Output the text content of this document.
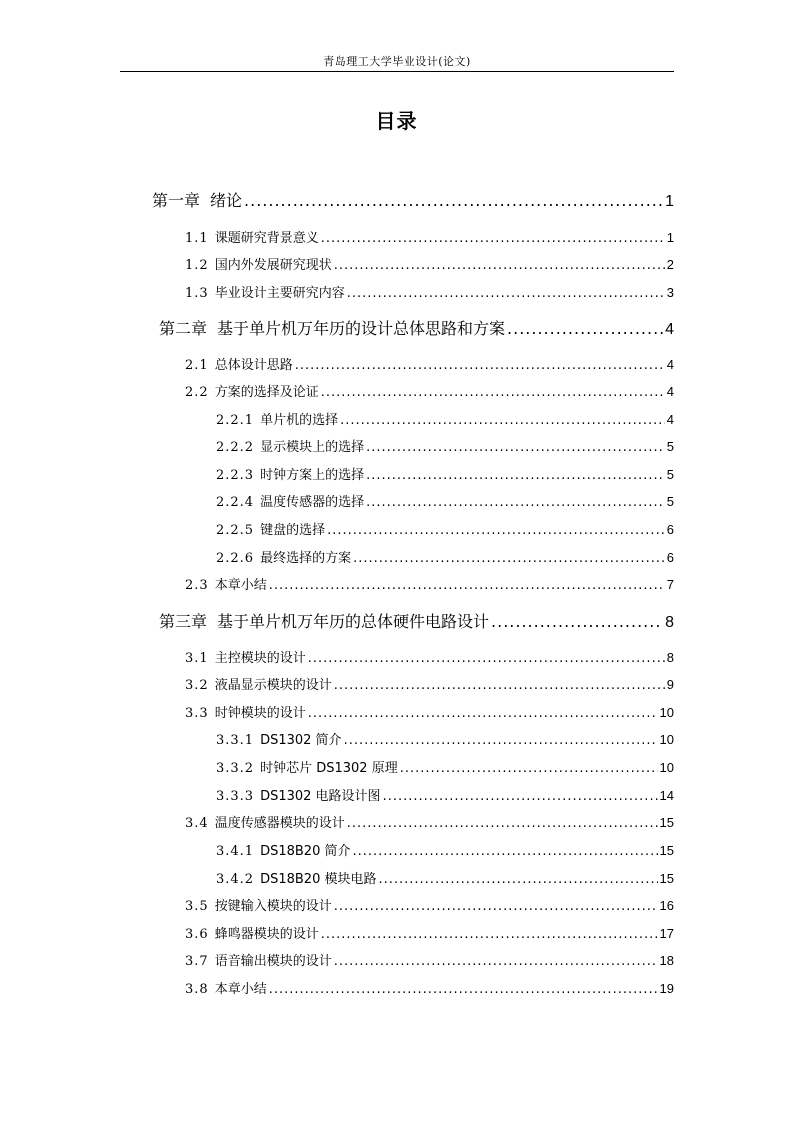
青岛理工大学毕业设计(论文)
目录
第一章 绪论 .....	1
1.1 课题研究背景意义 .....	1
1.2 国内外发展研究现状 .....	2
1.3 毕业设计主要研究内容 .....	3
第二章 基于单片机万年历的设计总体思路和方案 .....	4
2.1 总体设计思路 .....	4
2.2 方案的选择及论证 .....	4
2.2.1 单片机的选择 .....	4
2.2.2 显示模块上的选择 .....	5
2.2.3 时钟方案上的选择 .....	5
2.2.4 温度传感器的选择 .....	5
2.2.5 键盘的选择 .....	6
2.2.6 最终选择的方案 .....	6
2.3 本章小结 .....	7
第三章 基于单片机万年历的总体硬件电路设计 .....	8
3.1 主控模块的设计 .....	8
3.2 液晶显示模块的设计 .....	9
3.3 时钟模块的设计 .....	10
3.3.1 DS1302 简介 .....	10
3.3.2 时钟芯片 DS1302 原理 .....	10
3.3.3 DS1302 电路设计图 .....	14
3.4 温度传感器模块的设计 .....	15
3.4.1 DS18B20 简介 .....	15
3.4.2 DS18B20 模块电路 .....	15
3.5 按键输入模块的设计 .....	16
3.6 蜂鸣器模块的设计 .....	17
3.7 语音输出模块的设计 .....	18
3.8 本章小结 .....	19
